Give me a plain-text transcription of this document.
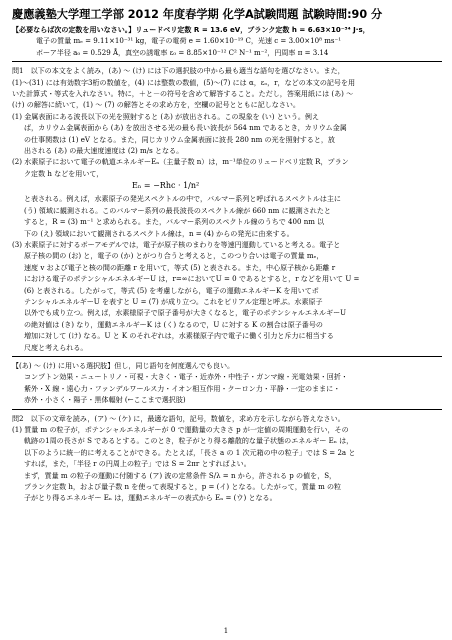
慶應義塾大学理工学部 2012 年度春学期 化学A試験問題 試験時間:90 分

【必要ならば次の定数を用いなさい。】リュードベリ定数 R = 13.6 eV，プランク定数 h = 6.63×10⁻³⁴ J·s，

電子の質量 mₑ = 9.11×10⁻³¹ kg，電子の電荷 e = 1.60×10⁻¹⁹ C，光速 c = 3.00×10⁸ ms⁻¹

ボーア半径 a₀ = 0.529 Å，真空の誘電率 ε₀ = 8.85×10⁻¹² C² N⁻¹ m⁻²，円周率 π = 3.14

問1　以下の本文をよく読み，(あ) 〜 (け) には下の選択肢の中から最も適当な語句を選びなさい。また，

(1)〜(31) には有効数字3桁の数値を，(4) には整数の数値，(5)〜(7) には α，εₒ，r，などの本文の記号を用

いた計算式・等式を入れなさい。特に，＋と－の符号を含めて解答すること。ただし，答案用紙には (あ) 〜

(け) の解答に続いて，(1) 〜 (7) の解答とその求め方を，空欄の記号とともに記しなさい。

(1) 金属表面にある波長以下の光を照射すると (あ) が放出される。この現象を (い) という。例え

ば，カリウム金属表面から (あ) を放出させる光の最も長い波長が 564 nm であるとき，カリウム金属

の仕事関数は (1) eV となる。また，同じカリウム金属表面に波長 280 nm の光を照射すると，放

出される (あ) の最大速度速度は (2) m/s となる。

(2) 水素原子において電子の軌道エネルギーEₙ（主量子数 n）は，m⁻¹単位のリュードベリ定数 R，プラン

ク定数 h などを用いて，

Eₙ = −Rhc · 1/n²

と表される。例えば，水素原子の発光スペクトルの中で，バルマー系列と呼ばれるスペクトルは主に

(う) 領域に観測される。このバルマー系列の最長波長のスペクトル線が 660 nm に観測されたと

すると，R = (3) m⁻¹ と求められる。また，バルマー系列のスペクトル線のうちで 400 nm 以

下の (え) 領域において観測されるスペクトル線は，n = (4) からの発光に由来する。

(3) 水素原子に対するボーアモデルでは，電子が原子核のまわりを等速円運動していると考える。電子と

原子核の間の (お) と，電子の (か) とがつり合うと考えると，このつり合いは電子の質量 mₑ，

速度 v および電子と核の間の距離 r を用いて，等式 (5) と表される。また，中心原子核から距離 r

における電子のポテンシャルエネルギーU は，r=∞においてU = 0 であるとすると，r などを用いて U =

(6) と表される。したがって，等式 (5) を考慮しながら，電子の運動エネルギーK を用いてポ

テンシャルエネルギーU を表すと U = (7) が成り立つ。これをビリアル定理と呼ぶ。水素原子

以外でも成り立つ。例えば，水素様原子で原子番号が大きくなると，電子のポテンシャルエネルギーU

の絶対値は (き) なり，運動エネルギーK は (く) なるので，U に対する K の割合は原子番号の

増加に対して (け) なる。U と K のそれぞれは，水素様原子内で電子に働く引力と斥力に相当する

尺度と考えられる。

【(あ) 〜 (け) に用いる選択肢】但し，同じ語句を何度選んでも良い。

コンプトン効果・ニュートリノ・可視・大きく・電子・近赤外・中性子・ガンマ線・光電効果・回折・

紫外・X 線・遠心力・ファンデルワールス力・イオン相互作用・クーロン力・平静・一定のままに・

赤外・小さく・陽子・黒体輻射 (←ここまで選択肢)

問2　以下の文章を読み，(ア) 〜 (ケ) に，最適な語句，記号，数値を，求め方を示しながら答えなさい。

(1) 質量 m の粒子が，ポテンシャルエネルギーが 0 で運動量の大きさ p が一定値の周期運動を行い，その

軌跡の1周の長さが S であるとする。このとき，粒子がとり得る離散的な量子状態のエネルギー Eₙ は，

以下のように統一的に考えることができる。たとえば，「長さ a の 1 次元箱の中の粒子」では S = 2a と

すれば，また，「半径 r の円周上の粒子」では S = 2πr とすればよい。

まず，質量 m の粒子の運動に付随する (ア) 波の定常条件 S/λ = n から，許される p の値を，S，

プランク定数 h，および量子数 n を使って表現すると，p = (イ) となる。したがって，質量 m の粒

子がとり得るエネルギー Eₙ は，運動エネルギーの表式から Eₙ = (ウ) となる。

1
